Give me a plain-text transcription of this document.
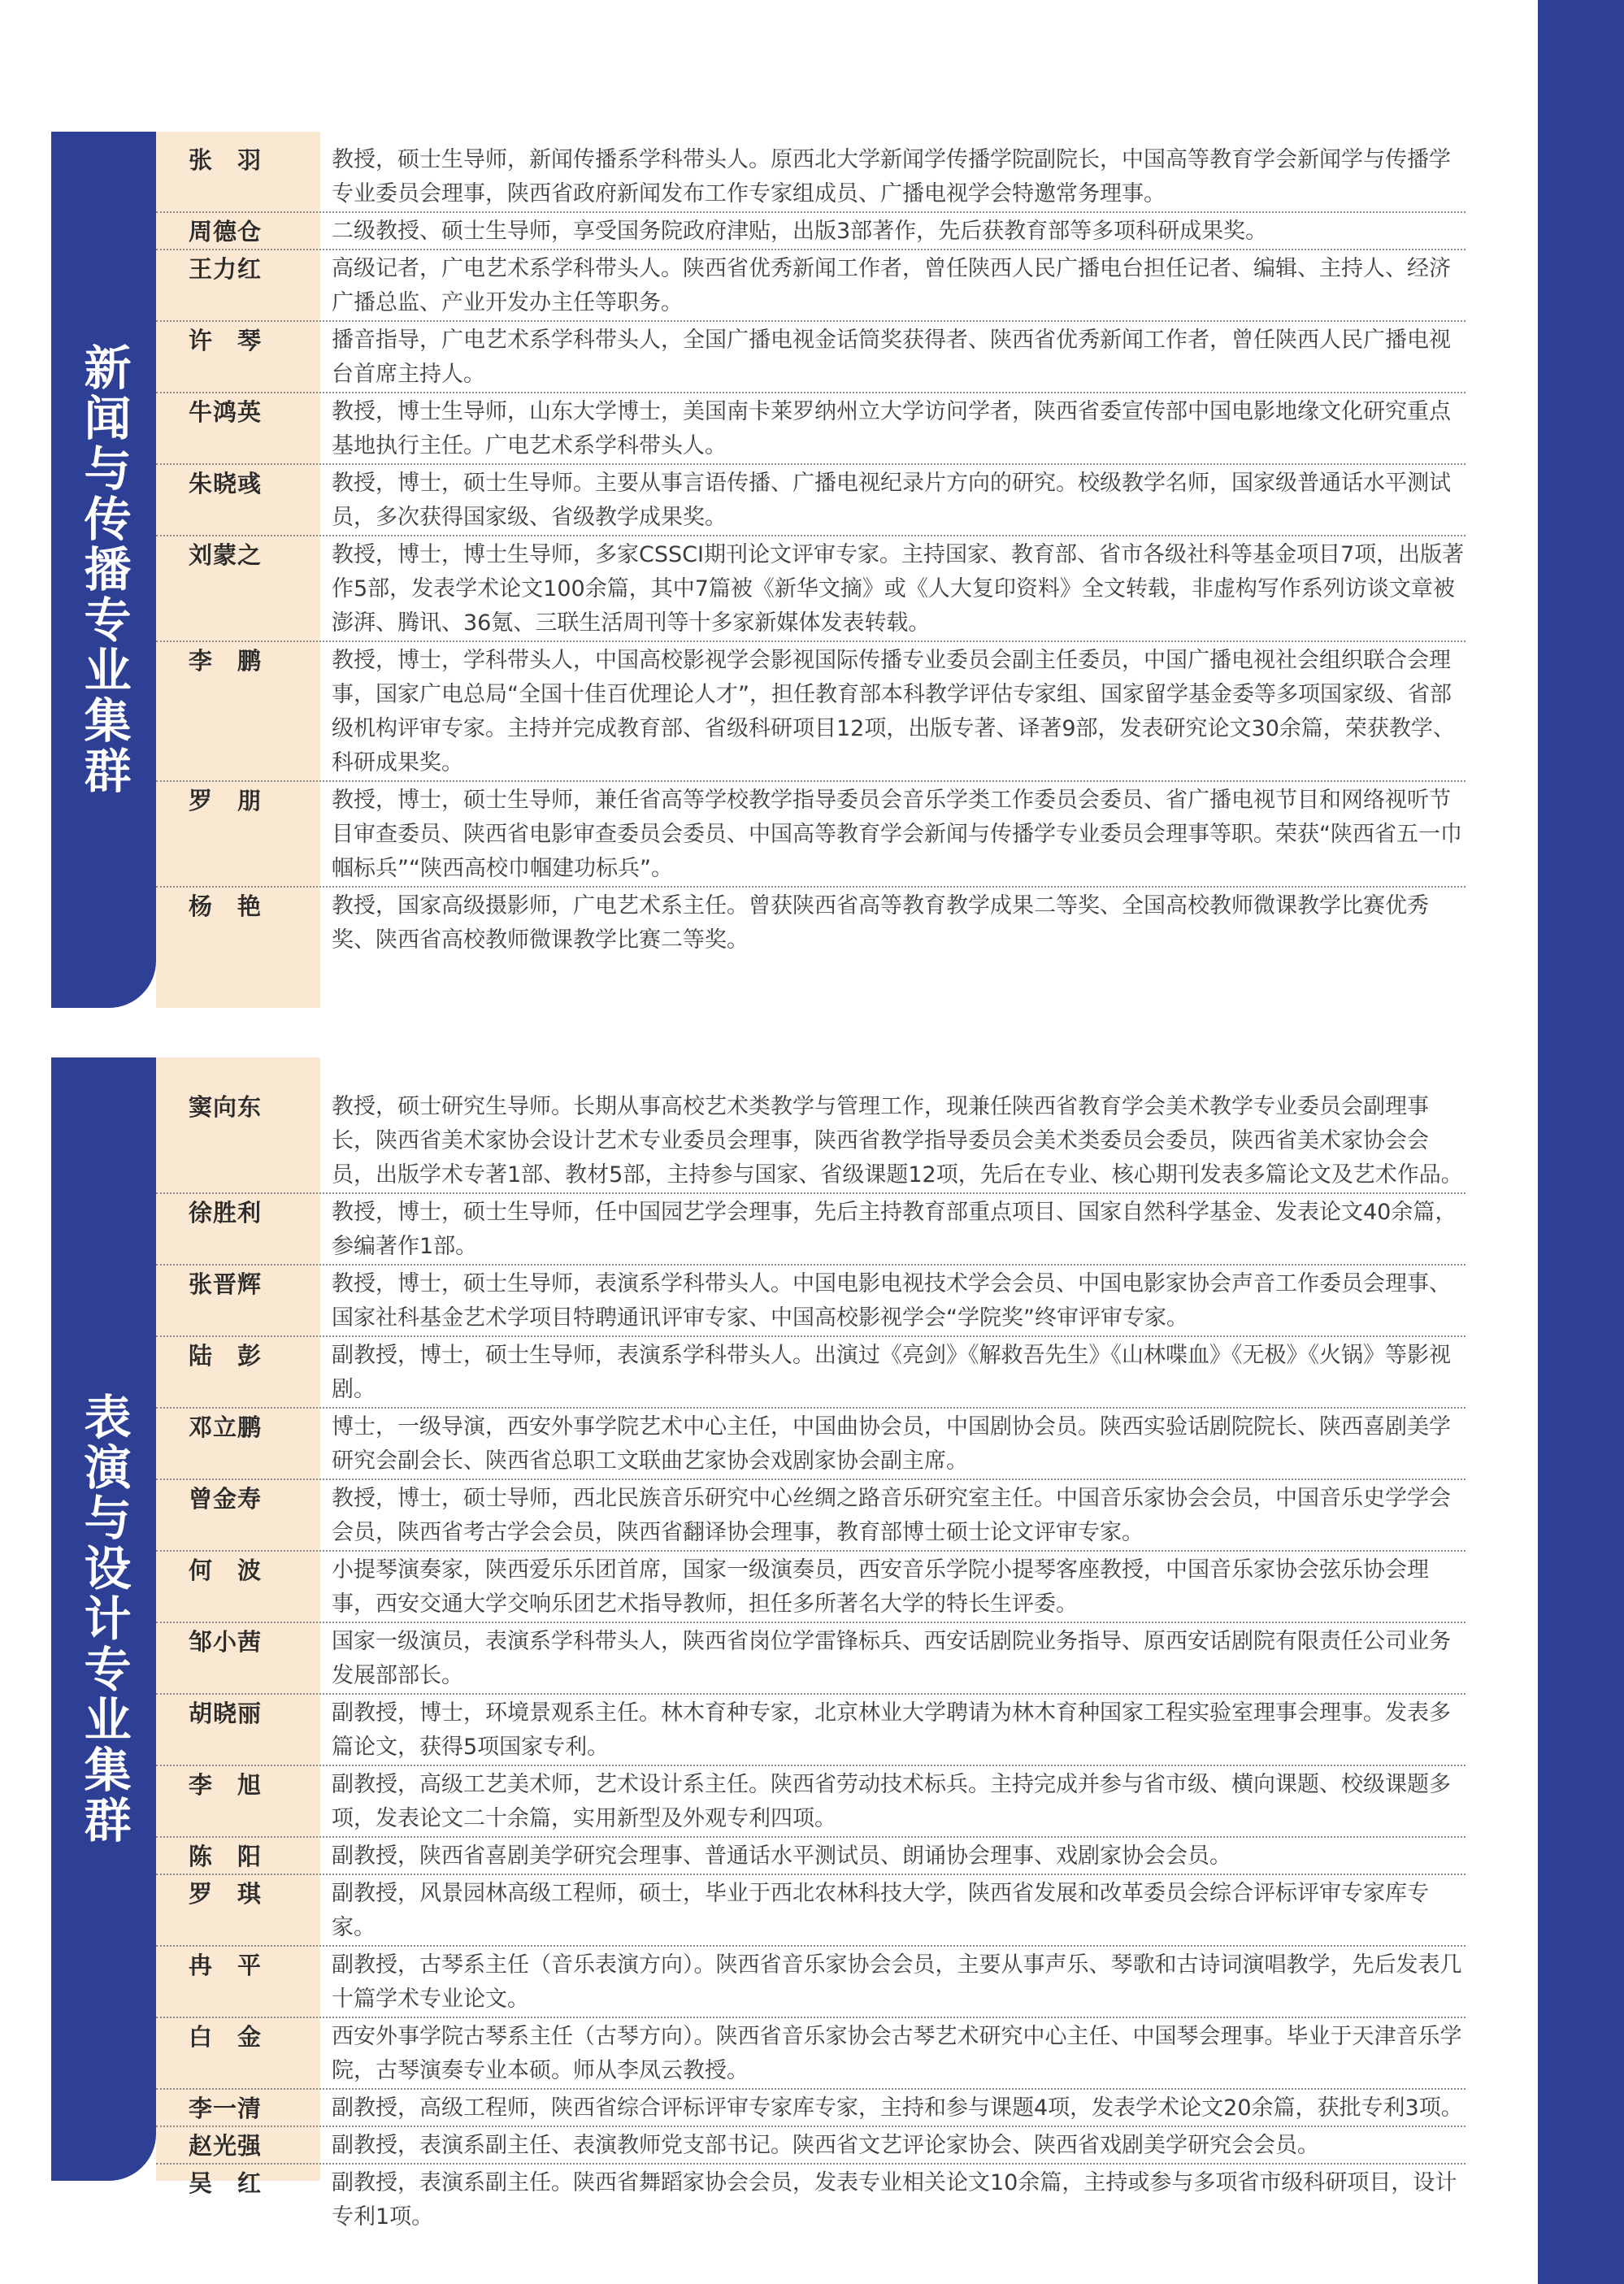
新闻与传播专业集群
张　羽	教授，硕士生导师，新闻传播系学科带头人。原西北大学新闻学传播学院副院长，中国高等教育学会新闻学与传播学专业委员会理事，陕西省政府新闻发布工作专家组成员、广播电视学会特邀常务理事。
周德仓	二级教授、硕士生导师，享受国务院政府津贴，出版3部著作，先后获教育部等多项科研成果奖。
王力红	高级记者，广电艺术系学科带头人。陕西省优秀新闻工作者，曾任陕西人民广播电台担任记者、编辑、主持人、经济广播总监、产业开发办主任等职务。
许　琴	播音指导，广电艺术系学科带头人，全国广播电视金话筒奖获得者、陕西省优秀新闻工作者，曾任陕西人民广播电视台首席主持人。
牛鸿英	教授，博士生导师，山东大学博士，美国南卡莱罗纳州立大学访问学者，陕西省委宣传部中国电影地缘文化研究重点基地执行主任。广电艺术系学科带头人。
朱晓彧	教授，博士，硕士生导师。主要从事言语传播、广播电视纪录片方向的研究。校级教学名师，国家级普通话水平测试员，多次获得国家级、省级教学成果奖。
刘蒙之	教授，博士，博士生导师，多家CSSCI期刊论文评审专家。主持国家、教育部、省市各级社科等基金项目7项，出版著作5部，发表学术论文100余篇，其中7篇被《新华文摘》或《人大复印资料》全文转载，非虚构写作系列访谈文章被澎湃、腾讯、36氪、三联生活周刊等十多家新媒体发表转载。
李　鹏	教授，博士，学科带头人，中国高校影视学会影视国际传播专业委员会副主任委员，中国广播电视社会组织联合会理事，国家广电总局“全国十佳百优理论人才”，担任教育部本科教学评估专家组、国家留学基金委等多项国家级、省部级机构评审专家。主持并完成教育部、省级科研项目12项，出版专著、译著9部，发表研究论文30余篇，荣获教学、科研成果奖。
罗　朋	教授，博士，硕士生导师，兼任省高等学校教学指导委员会音乐学类工作委员会委员、省广播电视节目和网络视听节目审查委员、陕西省电影审查委员会委员、中国高等教育学会新闻与传播学专业委员会理事等职。荣获“陕西省五一巾帼标兵”“陕西高校巾帼建功标兵”。
杨　艳	教授，国家高级摄影师，广电艺术系主任。曾获陕西省高等教育教学成果二等奖、全国高校教师微课教学比赛优秀奖、陕西省高校教师微课教学比赛二等奖。
表演与设计专业集群
窦向东	教授，硕士研究生导师。长期从事高校艺术类教学与管理工作，现兼任陕西省教育学会美术教学专业委员会副理事长，陕西省美术家协会设计艺术专业委员会理事，陕西省教学指导委员会美术类委员会委员，陕西省美术家协会会员，出版学术专著1部、教材5部，主持参与国家、省级课题12项，先后在专业、核心期刊发表多篇论文及艺术作品。
徐胜利	教授，博士，硕士生导师，任中国园艺学会理事，先后主持教育部重点项目、国家自然科学基金、发表论文40余篇，参编著作1部。
张晋辉	教授，博士，硕士生导师，表演系学科带头人。中国电影电视技术学会会员、中国电影家协会声音工作委员会理事、国家社科基金艺术学项目特聘通讯评审专家、中国高校影视学会“学院奖”终审评审专家。
陆　彭	副教授，博士，硕士生导师，表演系学科带头人。出演过《亮剑》《解救吾先生》《山林喋血》《无极》《火锅》等影视剧。
邓立鹏	博士，一级导演，西安外事学院艺术中心主任，中国曲协会员，中国剧协会员。陕西实验话剧院院长、陕西喜剧美学研究会副会长、陕西省总职工文联曲艺家协会戏剧家协会副主席。
曾金寿	教授，博士，硕士导师，西北民族音乐研究中心丝绸之路音乐研究室主任。中国音乐家协会会员，中国音乐史学学会会员，陕西省考古学会会员，陕西省翻译协会理事，教育部博士硕士论文评审专家。
何　波	小提琴演奏家，陕西爱乐乐团首席，国家一级演奏员，西安音乐学院小提琴客座教授，中国音乐家协会弦乐协会理事，西安交通大学交响乐团艺术指导教师，担任多所著名大学的特长生评委。
邹小茜	国家一级演员，表演系学科带头人，陕西省岗位学雷锋标兵、西安话剧院业务指导、原西安话剧院有限责任公司业务发展部部长。
胡晓丽	副教授，博士，环境景观系主任。林木育种专家，北京林业大学聘请为林木育种国家工程实验室理事会理事。发表多篇论文，获得5项国家专利。
李　旭	副教授，高级工艺美术师，艺术设计系主任。陕西省劳动技术标兵。主持完成并参与省市级、横向课题、校级课题多项，发表论文二十余篇，实用新型及外观专利四项。
陈　阳	副教授，陕西省喜剧美学研究会理事、普通话水平测试员、朗诵协会理事、戏剧家协会会员。
罗　琪	副教授，风景园林高级工程师，硕士，毕业于西北农林科技大学，陕西省发展和改革委员会综合评标评审专家库专家。
冉　平	副教授，古琴系主任（音乐表演方向）。陕西省音乐家协会会员，主要从事声乐、琴歌和古诗词演唱教学，先后发表几十篇学术专业论文。
白　金	西安外事学院古琴系主任（古琴方向）。陕西省音乐家协会古琴艺术研究中心主任、中国琴会理事。毕业于天津音乐学院，古琴演奏专业本硕。师从李凤云教授。
李一清	副教授，高级工程师，陕西省综合评标评审专家库专家，主持和参与课题4项，发表学术论文20余篇，获批专利3项。
赵光强	副教授，表演系副主任、表演教师党支部书记。陕西省文艺评论家协会、陕西省戏剧美学研究会会员。
吴　红	副教授，表演系副主任。陕西省舞蹈家协会会员，发表专业相关论文10余篇，主持或参与多项省市级科研项目，设计专利1项。
